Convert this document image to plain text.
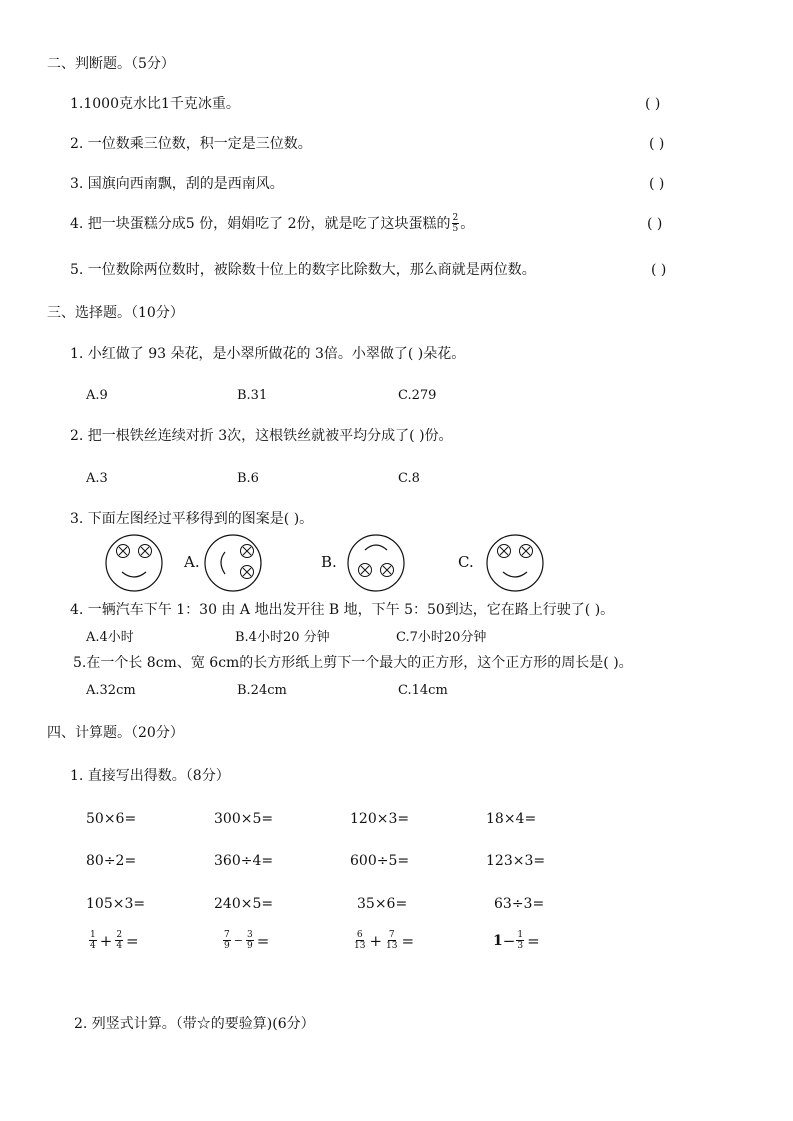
二、判断题。（5分）
1.1000克水比1千克冰重。	( )
2. 一位数乘三位数，积一定是三位数。	( )
3. 国旗向西南飘，刮的是西南风。	( )
4. 把一块蛋糕分成5 份，娟娟吃了 2份，就是吃了这块蛋糕的 $\frac{2}{5}$ 。	( )
5. 一位数除两位数时，被除数十位上的数字比除数大，那么商就是两位数。	( )
三、选择题。（10分）
1. 小红做了 93 朵花，是小翠所做花的 3倍。小翠做了( )朵花。
A.9	B.31	C.279
2. 把一根铁丝连续对折 3次，这根铁丝就被平均分成了( )份。
A.3	B.6	C.8
3. 下面左图经过平移得到的图案是( )。
A.	B.	C.
4. 一辆汽车下午 1：30 由 A 地出发开往 B 地，下午 5：50到达，它在路上行驶了( )。
A.4小时	B.4小时20 分钟	C.7小时20分钟
5.在一个长 8cm、宽 6cm的长方形纸上剪下一个最大的正方形，这个正方形的周长是( )。
A.32cm	B.24cm	C.14cm
四、计算题。（20分）
1. 直接写出得数。（8分）
50×6=	300×5=	120×3=	18×4=
80÷2=	360÷4=	600÷5=	123×3=
105×3=	240×5=	35×6=	63÷3=
$\frac{1}{4} + \frac{2}{4}$ =	$\frac{7}{9} - \frac{3}{9}$ =	$\frac{6}{13} + \frac{7}{13}$ =	$1 - \frac{1}{3}$ =
2. 列竖式计算。（带☆的要验算)(6分）
